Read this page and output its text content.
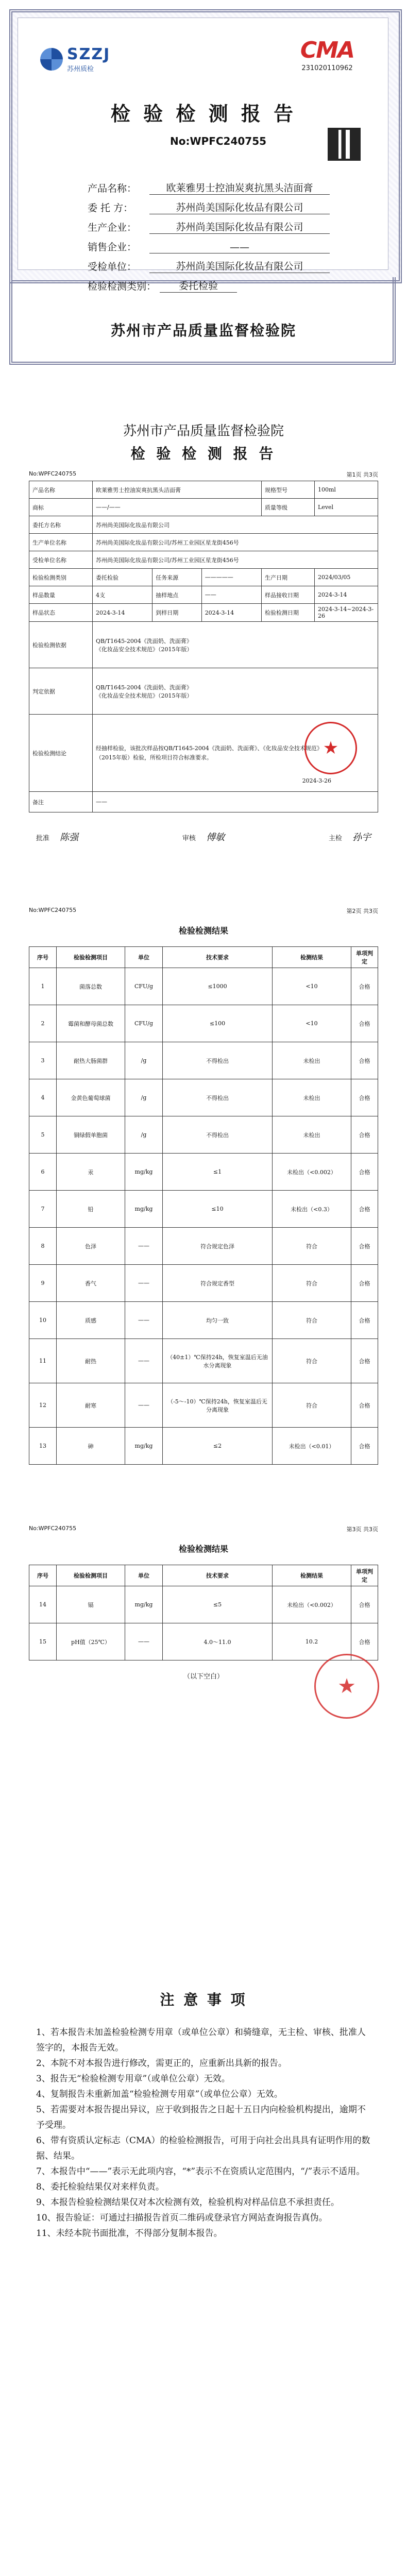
SZZJ
苏州质检
CMA
231020110962
检 验 检 测 报 告
No:WPFC240755
产品名称：	欧莱雅男士控油炭爽抗黑头洁面膏
委 托 方：	苏州尚美国际化妆品有限公司
生产企业：	苏州尚美国际化妆品有限公司
销售企业：	——
受检单位：	苏州尚美国际化妆品有限公司
检验检测类别：	委托检验
苏州市产品质量监督检验院
苏州市产品质量监督检验院
检 验 检 测 报 告
No:WPFC240755	第1页 共3页
产品名称	欧莱雅男士控油炭爽抗黑头洁面膏			规格型号	100ml
商标	——/——			质量等级	Level
委托方名称	苏州尚美国际化妆品有限公司				
生产单位名称	苏州尚美国际化妆品有限公司/苏州工业园区星龙街456号				
受检单位名称	苏州尚美国际化妆品有限公司/苏州工业园区星龙街456号				
检验检测类别	委托检验	任务来源	—————	生产日期	2024/03/05
样品数量	4支	抽样地点	——	样品接收日期	2024-3-14
样品状态	2024-3-14	到样日期	2024-3-14	检验检测日期	2024-3-14~2024-3-26
检验检测依据	QB/T1645-2004《洗面奶、洗面膏》
《化妆品安全技术规范》（2015年版）				

判定依据	QB/T1645-2004《洗面奶、洗面膏》
《化妆品安全技术规范》（2015年版）				

检验检测结论	经抽样检验，该批次样品按QB/T1645-2004《洗面奶、洗面膏》、《化妆品安全技术规范》（2015年版）检验，所检项目符合标准要求。
2024-3-26
★				

备注	——				
批准 陈强	审核 傅敏	主检 孙宇
No:WPFC240755	第2页 共3页
检验检测结果
序号	检验检测项目	单位	技术要求	检测结果	单项判定
1	菌落总数	CFU/g	≤1000	<10	合格
2	霉菌和酵母菌总数	CFU/g	≤100	<10	合格
3	耐热大肠菌群	/g	不得检出	未检出	合格
4	金黄色葡萄球菌	/g	不得检出	未检出	合格
5	铜绿假单胞菌	/g	不得检出	未检出	合格
6	汞	mg/kg	≤1	未检出（<0.002）	合格
7	铅	mg/kg	≤10	未检出（<0.3）	合格
8	色泽	——	符合规定色泽	符合	合格
9	香气	——	符合规定香型	符合	合格
10	质感	——	均匀一致	符合	合格
11	耐热	——	（40±1）℃保持24h，恢复室温后无油水分离现象	符合	合格
12	耐寒	——	（-5～-10）℃保持24h，恢复室温后无分离现象	符合	合格
13	砷	mg/kg	≤2	未检出（<0.01）	合格
No:WPFC240755	第3页 共3页
检验检测结果
序号	检验检测项目	单位	技术要求	检测结果	单项判定
14	镉	mg/kg	≤5	未检出（<0.002）	合格
15	pH值（25℃）	——	4.0～11.0	10.2	合格
（以下空白）	★
注 意 事 项

1、若本报告未加盖检验检测专用章（或单位公章）和骑缝章，无主检、审核、批准人签字的，本报告无效。

2、本院不对本报告进行修改，需更正的，应重新出具新的报告。

3、报告无“检验检测专用章”（或单位公章）无效。

4、复制报告未重新加盖“检验检测专用章”（或单位公章）无效。

5、若需要对本报告提出异议，应于收到报告之日起十五日内向检验机构提出，逾期不予受理。

6、带有资质认定标志（CMA）的检验检测报告，可用于向社会出具具有证明作用的数据、结果。

7、本报告中“——”表示无此项内容，“*”表示不在资质认定范围内，“/”表示不适用。

8、委托检验结果仅对来样负责。

9、本报告检验检测结果仅对本次检测有效，检验机构对样品信息不承担责任。

10、报告验证：可通过扫描报告首页二维码或登录官方网站查询报告真伪。

11、未经本院书面批准，不得部分复制本报告。
